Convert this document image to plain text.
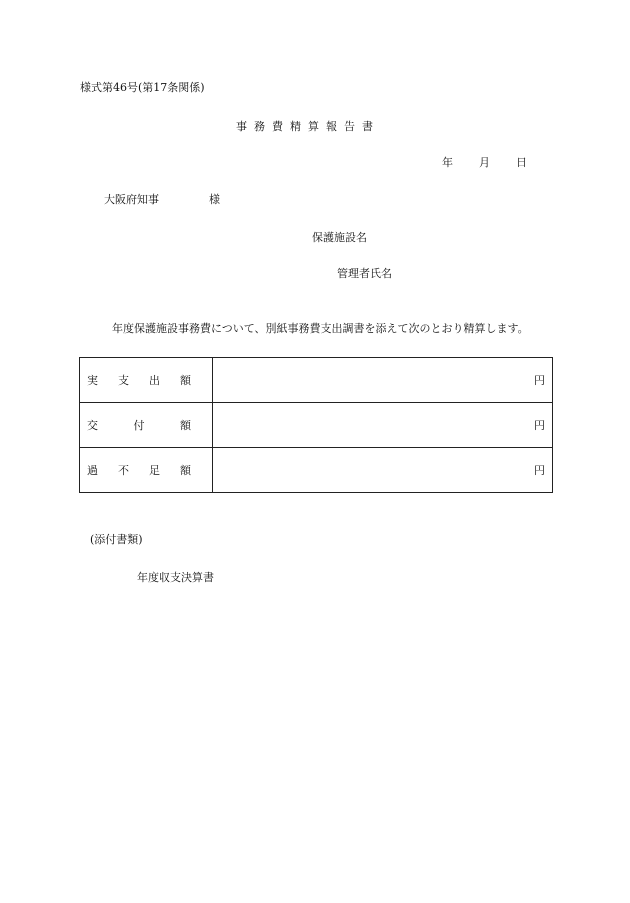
様式第46号(第17条関係)
事務費精算報告書
年 月 日
大阪府知事	様
保護施設名
管理者氏名
年度保護施設事務費について、別紙事務費支出調書を添えて次のとおり精算します。
実 支 出 額	円

交 付 額	円

過 不 足 額	円
(添付書類)
年度収支決算書
